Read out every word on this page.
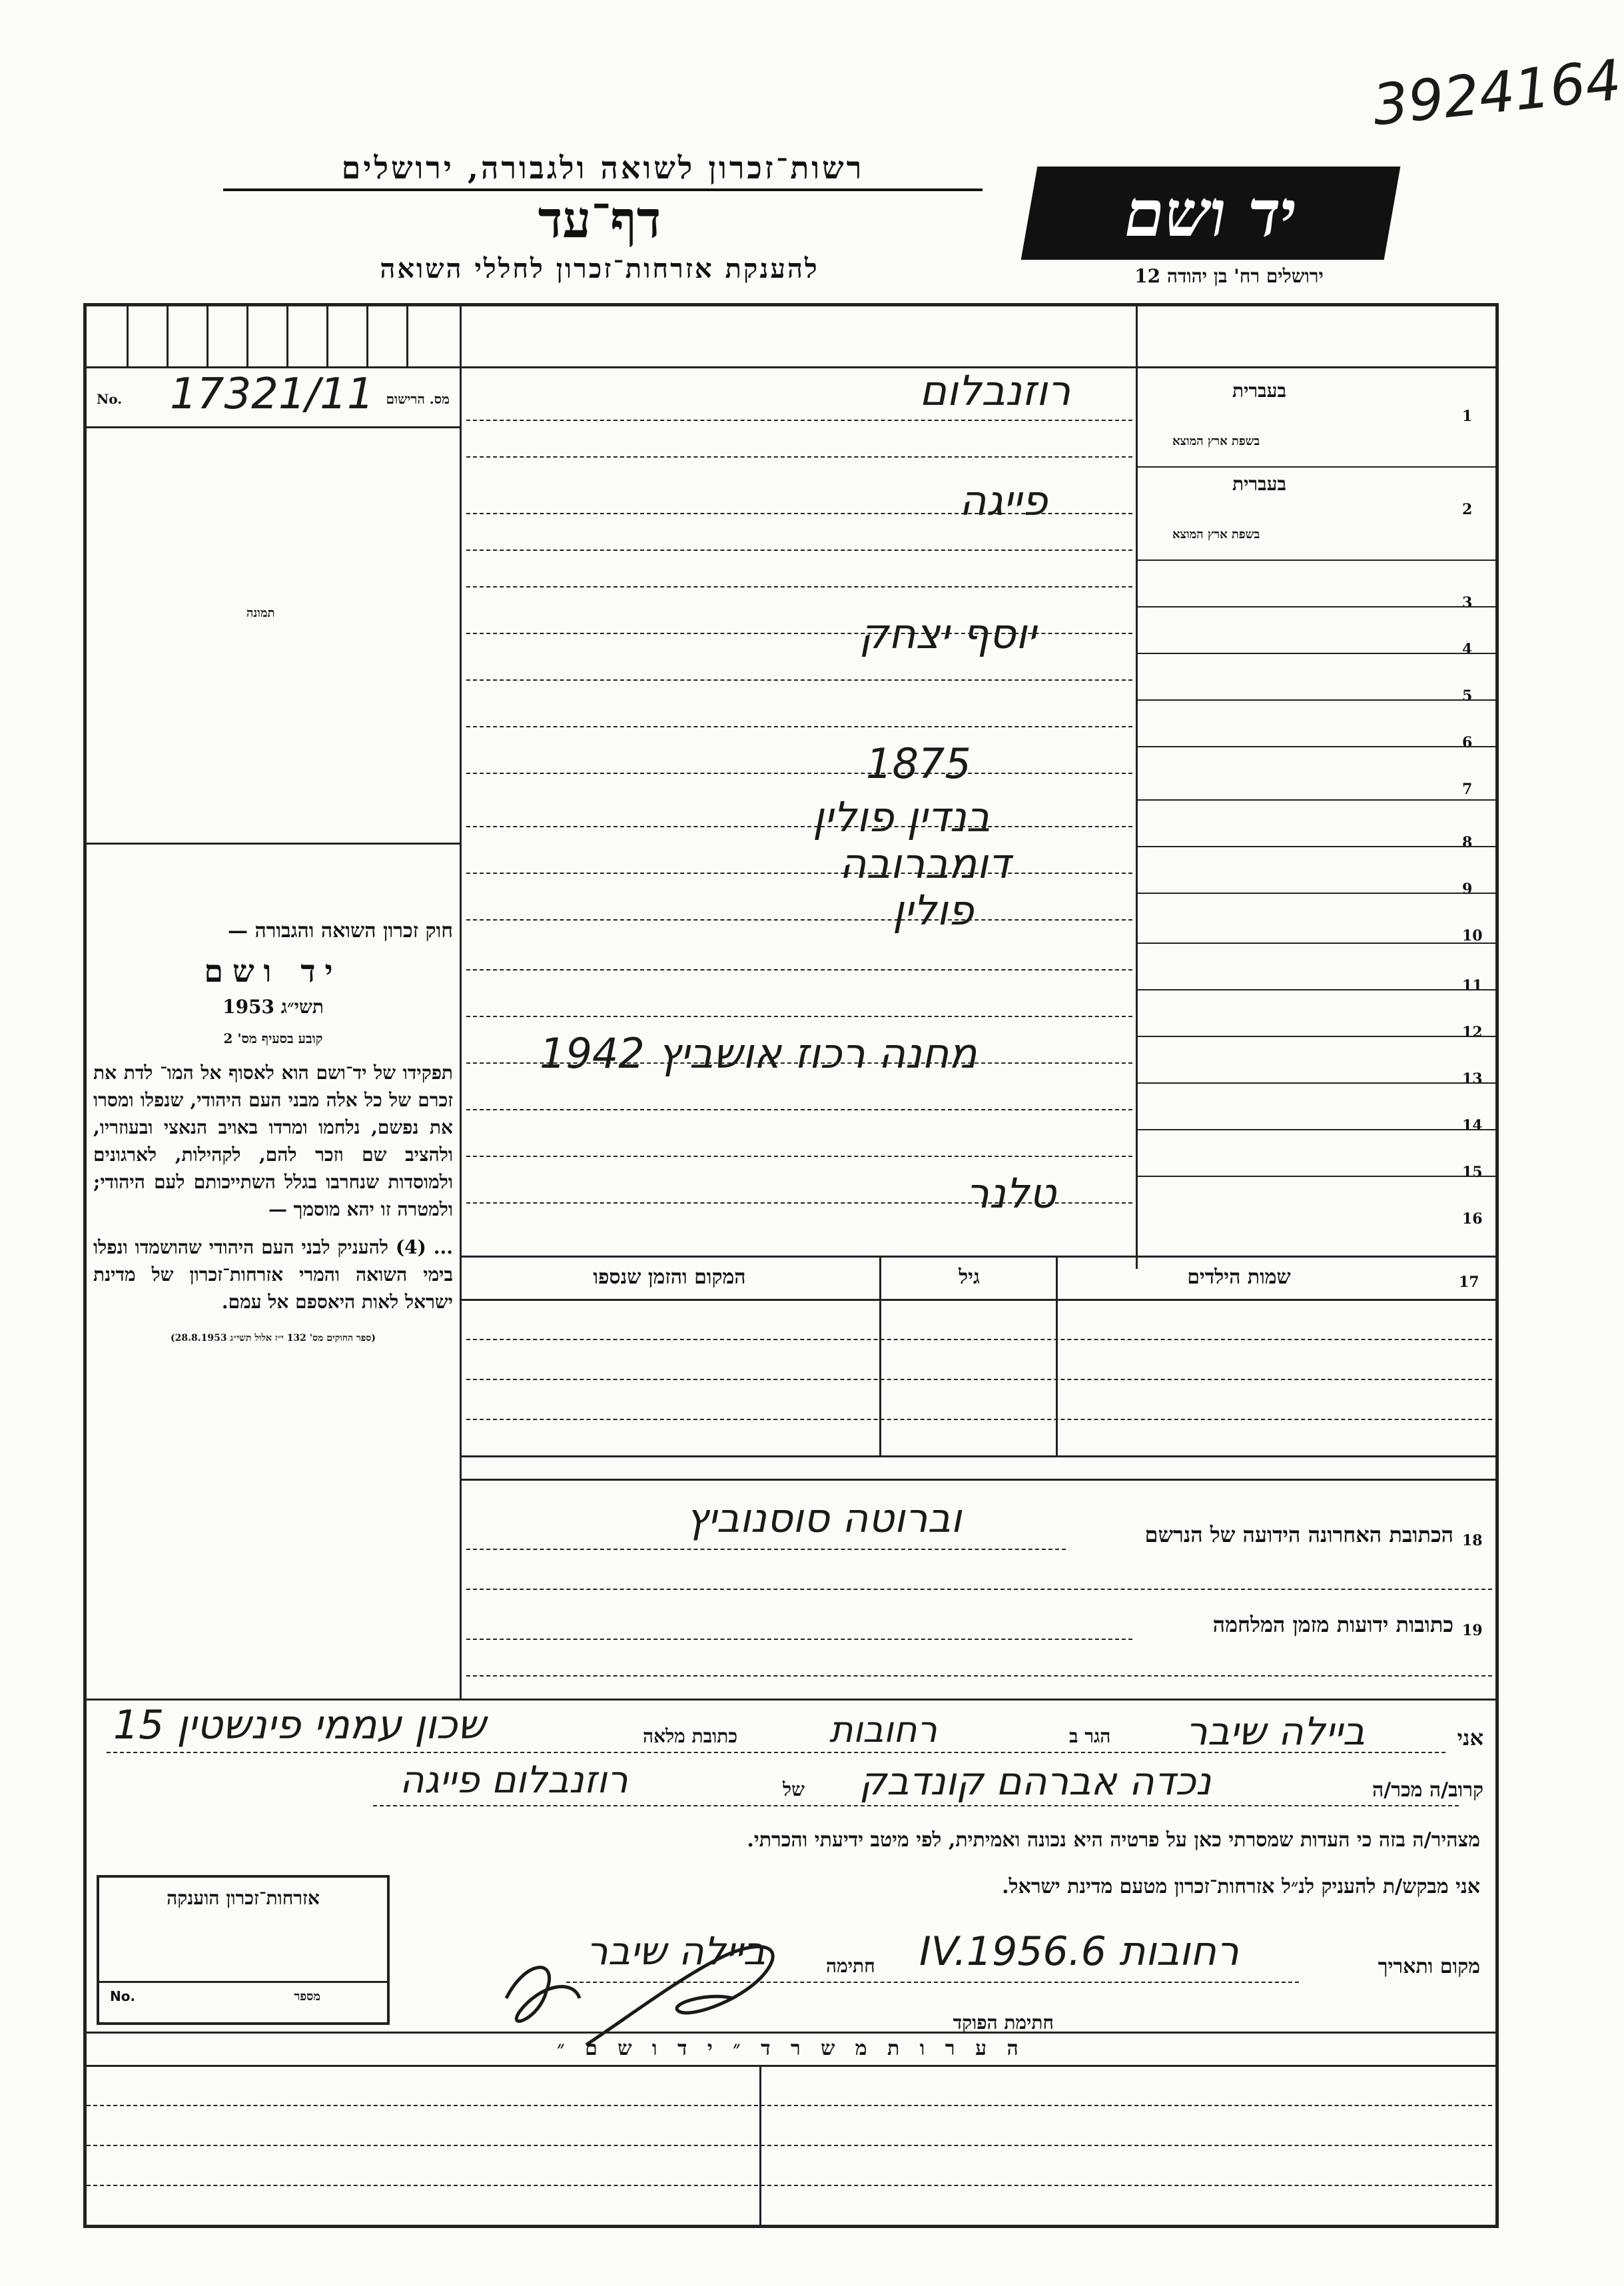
3924164
רשות־זכרון לשואה ולגבורה, ירושלים
דף־עד
להענקת אזרחות־זכרון לחללי השואה
יד ושם
ירושלים רח' בן יהודה 12
No. 17321/11 מס. הרישום
תמונה
חוק זכרון השואה והגבורה —
יד ושם
תשי״ג 1953
קובע בסעיף מס' 2
תפקידו של יד־ושם הוא לאסוף אל המו־ לדת את זכרם של כל אלה מבני העם היהודי, שנפלו ומסרו את נפשם, נלחמו ומרדו באויב הנאצי ובעוזריו, ולהציב שם וזכר להם, לקהילות, לארגונים ולמוסדות שנחרבו בגלל השתייכותם לעם היהודי; ולמטרה זו יהא מוסמך —
... (4) להעניק לבני העם היהודי שהושמדו ונפלו בימי השואה והמרי אזרחות־זכרון של מדינת ישראל לאות היאספם אל עמם.
(ספר החוקים מס' 132 י״ז אלול תשי״ג 28.8.1953)
1
בעברית
בשפת ארץ המוצא
רוזנבלום
2
בעברית
בשפת ארץ המוצא
פייגה
3
4
יוסף יצחק
5
6
7
1875
8
בנדין פולין
9
דומברובה
10
פולין
11
12
13
מחנה רכוז אושביץ 1942
14
15
16
טלנר
שמות הילדים
גיל
המקום והזמן שנספו	17
18
הכתובת האחרונה הידועה של הנרשם
וברוטה סוסנוביץ
19
כתובות ידועות מזמן המלחמה
אני
ביילה שיבר
הגר ב
רחובות
כתובת מלאה
שכון עממי פינשטין 15
קרוב/ה מכר/ה
נכדה אברהם קונדבק
של
רוזנבלום פייגה
מצהיר/ה בזה כי העדות שמסרתי כאן על פרטיה היא נכונה ואמיתית, לפי מיטב ידיעתי והכרתי.
אני מבקש/ת להעניק לנ״ל אזרחות־זכרון מטעם מדינת ישראל.
מקום ותאריך
רחובות 6.IV.1956
חתימה
ביילה שיבר
חתימת הפוקד
אזרחות־זכרון הוענקה
מספר
No.
ה ע ר ו ת מ ש ר ד ״ י ד ו ש ם ״
